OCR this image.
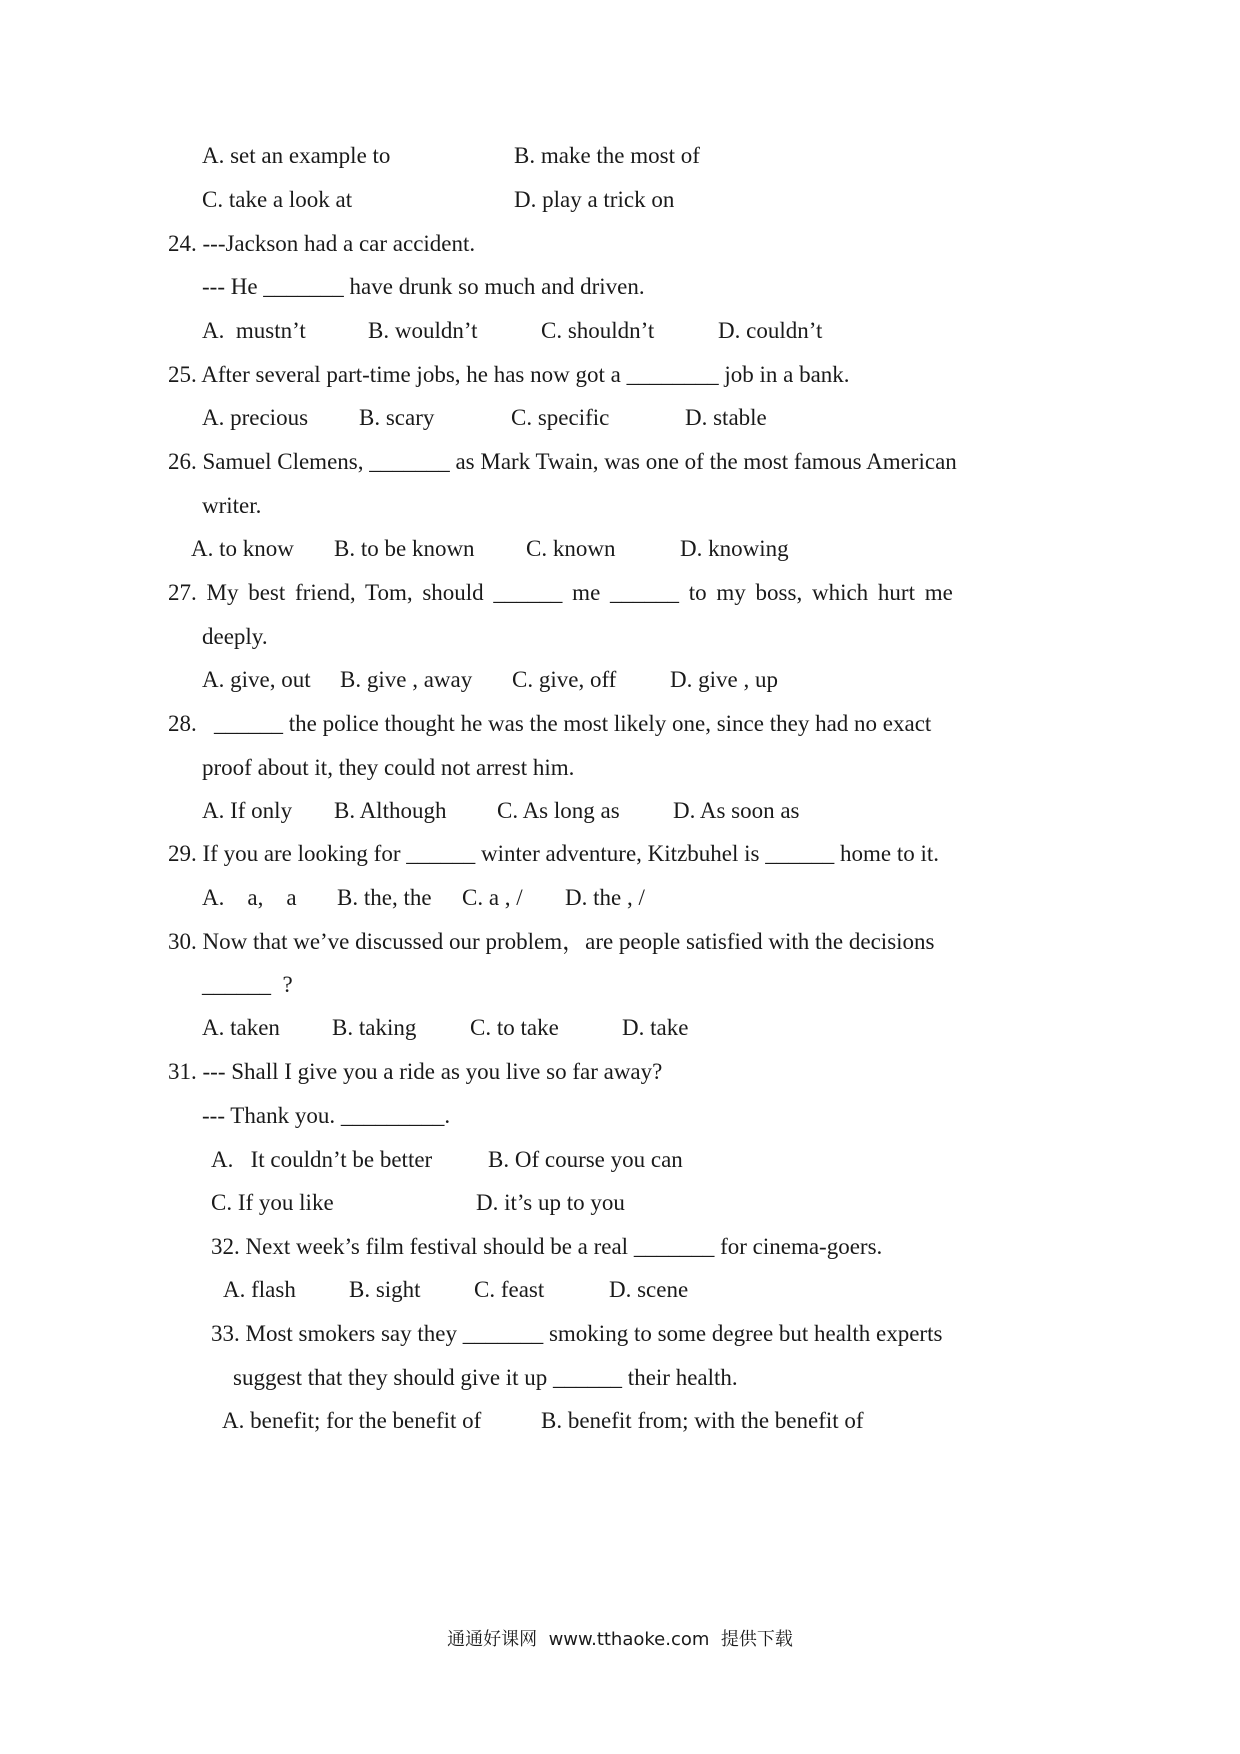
A. set an example to	B. make the most of
C. take a look at	D. play a trick on
24. ---Jackson had a car accident.
--- He _______ have drunk so much and driven.
A.  mustn’t	B. wouldn’t	C. shouldn’t	D. couldn’t
25. After several part-time jobs, he has now got a ________ job in a bank.
A. precious B. scary	C. specific	D. stable
26. Samuel Clemens, _______ as Mark Twain, was one of the most famous American
writer.
A. to know B. to be known C. known	D. knowing
27. My best friend, Tom, should ______ me ______ to my boss, which hurt me
deeply.
A. give, out B. give , away C. give, off D. give , up
28.   ______ the police thought he was the most likely one, since they had no exact
proof about it, they could not arrest him.
A. If only B. Although C. As long as D. As soon as
29. If you are looking for ______ winter adventure, Kitzbuhel is ______ home to it.
A.    a,    a B. the, the C. a , / D. the , /
30. Now that we’ve discussed our problem，are people satisfied with the decisions
______  ?
A. taken B. taking C. to take	D. take
31. --- Shall I give you a ride as you live so far away?
--- Thank you. _________.
A.   It couldn’t be better B. Of course you can
C. If you like	D. it’s up to you
32. Next week’s film festival should be a real _______ for cinema-goers.
A. flash B. sight C. feast	D. scene
33. Most smokers say they _______ smoking to some degree but health experts
suggest that they should give it up ______ their health.
A. benefit; for the benefit of	B. benefit from; with the benefit of
通通好课网  www.tthaoke.com  提供下载
